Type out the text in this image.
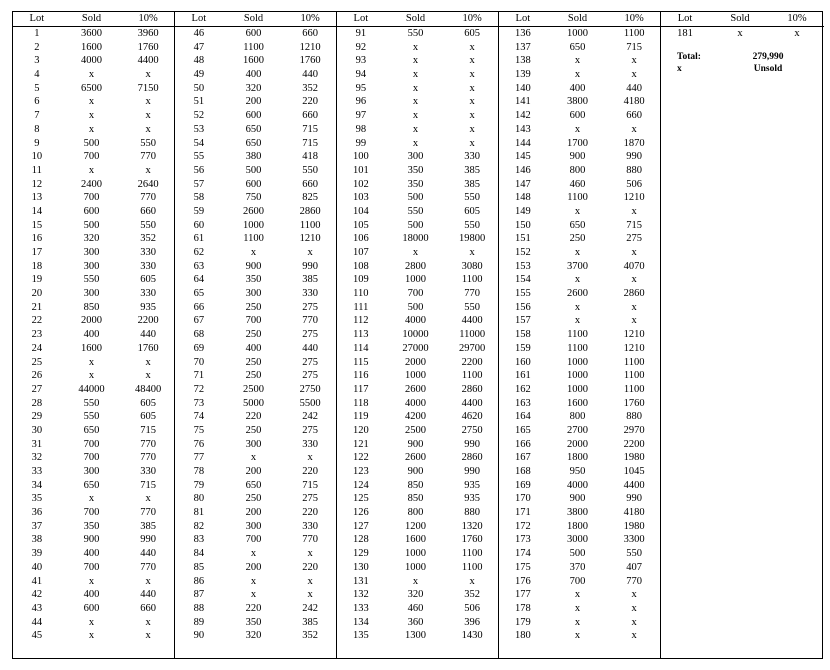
Lot	Sold	10%
1	3600	3960
2	1600	1760
3	4000	4400
4	x	x
5	6500	7150
6	x	x
7	x	x
8	x	x
9	500	550
10	700	770
11	x	x
12	2400	2640
13	700	770
14	600	660
15	500	550
16	320	352
17	300	330
18	300	330
19	550	605
20	300	330
21	850	935
22	2000	2200
23	400	440
24	1600	1760
25	x	x
26	x	x
27	44000	48400
28	550	605
29	550	605
30	650	715
31	700	770
32	700	770
33	300	330
34	650	715
35	x	x
36	700	770
37	350	385
38	900	990
39	400	440
40	700	770
41	x	x
42	400	440
43	600	660
44	x	x
45	x	x
Lot	Sold	10%
46	600	660
47	1100	1210
48	1600	1760
49	400	440
50	320	352
51	200	220
52	600	660
53	650	715
54	650	715
55	380	418
56	500	550
57	600	660
58	750	825
59	2600	2860
60	1000	1100
61	1100	1210
62	x	x
63	900	990
64	350	385
65	300	330
66	250	275
67	700	770
68	250	275
69	400	440
70	250	275
71	250	275
72	2500	2750
73	5000	5500
74	220	242
75	250	275
76	300	330
77	x	x
78	200	220
79	650	715
80	250	275
81	200	220
82	300	330
83	700	770
84	x	x
85	200	220
86	x	x
87	x	x
88	220	242
89	350	385
90	320	352
Lot	Sold	10%
91	550	605
92	x	x
93	x	x
94	x	x
95	x	x
96	x	x
97	x	x
98	x	x
99	x	x
100	300	330
101	350	385
102	350	385
103	500	550
104	550	605
105	500	550
106	18000	19800
107	x	x
108	2800	3080
109	1000	1100
110	700	770
111	500	550
112	4000	4400
113	10000	11000
114	27000	29700
115	2000	2200
116	1000	1100
117	2600	2860
118	4000	4400
119	4200	4620
120	2500	2750
121	900	990
122	2600	2860
123	900	990
124	850	935
125	850	935
126	800	880
127	1200	1320
128	1600	1760
129	1000	1100
130	1000	1100
131	x	x
132	320	352
133	460	506
134	360	396
135	1300	1430
Lot	Sold	10%
136	1000	1100
137	650	715
138	x	x
139	x	x
140	400	440
141	3800	4180
142	600	660
143	x	x
144	1700	1870
145	900	990
146	800	880
147	460	506
148	1100	1210
149	x	x
150	650	715
151	250	275
152	x	x
153	3700	4070
154	x	x
155	2600	2860
156	x	x
157	x	x
158	1100	1210
159	1100	1210
160	1000	1100
161	1000	1100
162	1000	1100
163	1600	1760
164	800	880
165	2700	2970
166	2000	2200
167	1800	1980
168	950	1045
169	4000	4400
170	900	990
171	3800	4180
172	1800	1980
173	3000	3300
174	500	550
175	370	407
176	700	770
177	x	x
178	x	x
179	x	x
180	x	x
Lot	Sold	10%
181	x	x
Total:	279,990
x	Unsold
